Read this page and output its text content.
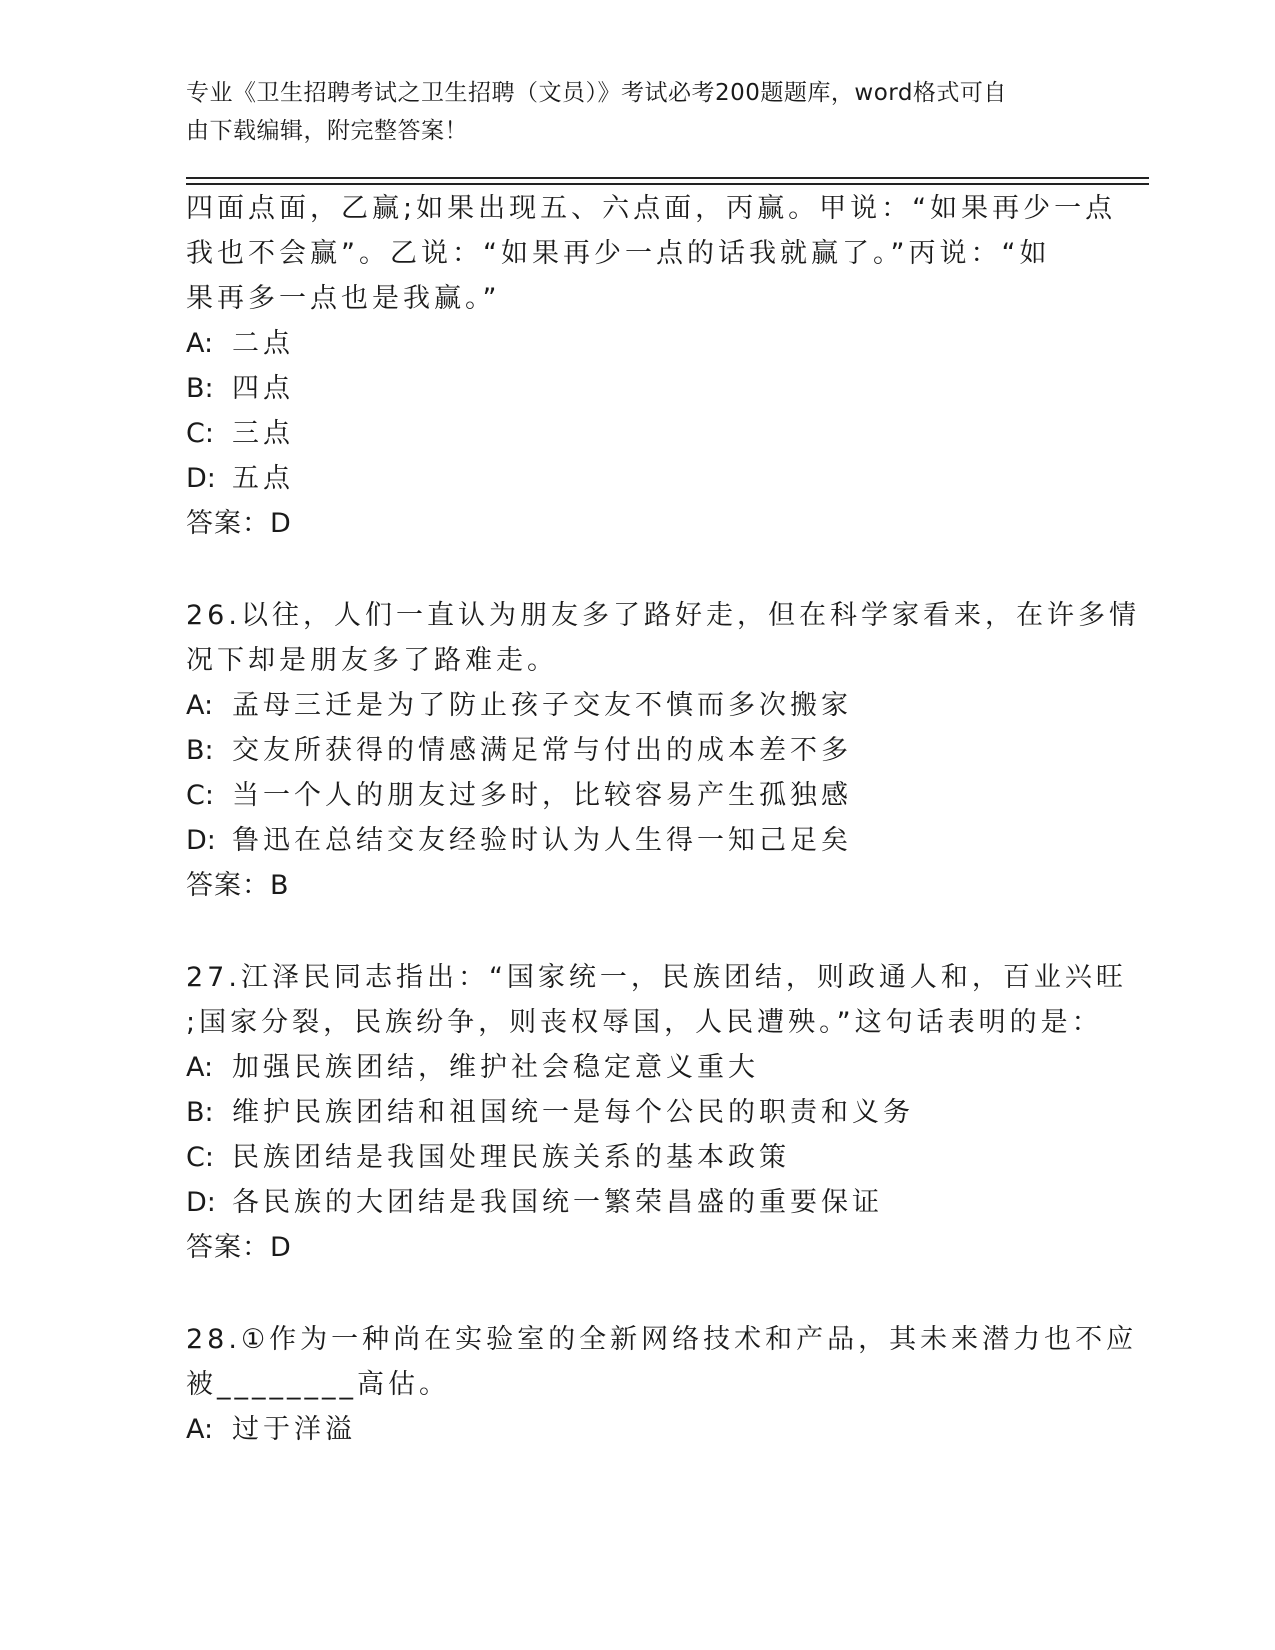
专业《卫生招聘考试之卫生招聘（文员）》考试必考200题题库，word格式可自
由下载编辑，附完整答案！
四面点面，乙赢;如果出现五、六点面，丙赢。甲说：“如果再少一点
我也不会赢”。乙说：“如果再少一点的话我就赢了。”丙说：“如
果再多一点也是我赢。”
A: 二点
B: 四点
C: 三点
D: 五点
答案：D
26.以往，人们一直认为朋友多了路好走，但在科学家看来，在许多情
况下却是朋友多了路难走。
A: 孟母三迁是为了防止孩子交友不慎而多次搬家
B: 交友所获得的情感满足常与付出的成本差不多
C: 当一个人的朋友过多时，比较容易产生孤独感
D: 鲁迅在总结交友经验时认为人生得一知己足矣
答案：B
27.江泽民同志指出：“国家统一，民族团结，则政通人和，百业兴旺
;国家分裂，民族纷争，则丧权辱国，人民遭殃。”这句话表明的是：
A: 加强民族团结，维护社会稳定意义重大
B: 维护民族团结和祖国统一是每个公民的职责和义务
C: 民族团结是我国处理民族关系的基本政策
D: 各民族的大团结是我国统一繁荣昌盛的重要保证
答案：D
28.①作为一种尚在实验室的全新网络技术和产品，其未来潜力也不应
被________高估。
A: 过于洋溢
